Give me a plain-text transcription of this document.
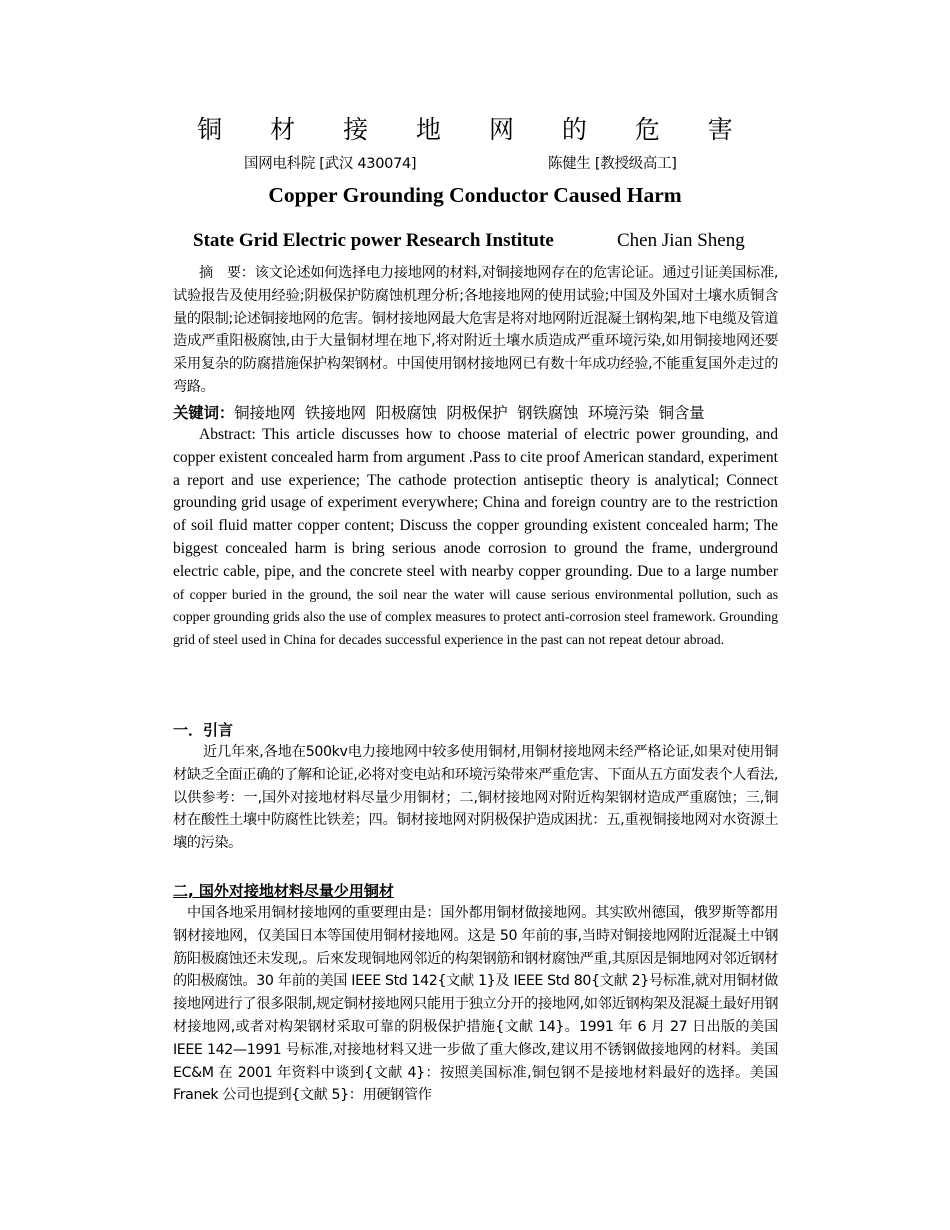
铜 材 接 地 网 的 危 害
国网电科院 [武汉 430074]	陈健生 [教授级高工]
Copper Grounding Conductor Caused Harm
State Grid Electric power Research Institute	Chen Jian Sheng
摘　要：该文论述如何选择电力接地网的材料,对铜接地网存在的危害论证。通过引证美国标准,试验报告及使用经验;阴极保护防腐蚀机理分析;各地接地网的使用试验;中国及外国对土壤水质铜含量的限制;论述铜接地网的危害。铜材接地网最大危害是将对地网附近混凝土钢构架,地下电缆及管道造成严重阳极腐蚀,由于大量铜材埋在地下,将对附近土壤水质造成严重环境污染,如用铜接地网还要采用复杂的防腐措施保护构架钢材。中国使用钢材接地网已有数十年成功经验,不能重复国外走过的弯路。
关键词：铜接地网  铁接地网  阳极腐蚀  阴极保护  钢铁腐蚀  环境污染  铜含量
Abstract: This article discusses how to choose material of electric power grounding, and copper existent concealed harm from argument .Pass to cite proof American standard, experiment a report and use experience; The cathode protection antiseptic theory is analytical; Connect grounding grid usage of experiment everywhere; China and foreign country are to the restriction of soil fluid matter copper content; Discuss the copper grounding existent concealed harm; The biggest concealed harm is bring serious anode corrosion to ground the frame, underground electric cable, pipe, and the concrete steel with nearby copper grounding. Due to a large number of copper buried in the ground, the soil near the water will cause serious environmental pollution, such as copper grounding grids also the use of complex measures to protect anti-corrosion steel framework. Grounding grid of steel used in China for decades successful experience in the past can not repeat detour abroad.
一．引言
近几年來,各地在500kv电力接地网中较多使用铜材,用铜材接地网未经严格论证,如果对使用铜材缺乏全面正确的了解和论证,必将对变电站和环境污染带來严重危害、下面从五方面发表个人看法,以供参考：一,国外对接地材料尽量少用铜材；二,铜材接地网对附近构架钢材造成严重腐蚀；三,铜材在酸性土壤中防腐性比铁差；四。铜材接地网对阴极保护造成困扰：五,重视铜接地网对水资源土壤的污染。
二, 国外对接地材料尽量少用铜材
中国各地采用铜材接地网的重要理由是：国外都用铜材做接地网。其实欧州德国，俄罗斯等都用钢材接地网，仅美国日本等国使用铜材接地网。这是 50 年前的事,当時对铜接地网附近混凝土中钢筋阳极腐蚀还未发现,。后來发现铜地网邻近的构架钢筋和钢材腐蚀严重,其原因是铜地网对邻近钢材的阳极腐蚀。30 年前的美国 IEEE Std 142{文献 1}及 IEEE Std 80{文献 2}号标准,就对用铜材做接地网进行了很多限制,规定铜材接地网只能用于独立分开的接地网,如邻近钢构架及混凝土最好用钢材接地网,或者对构架钢材采取可靠的阴极保护措施{文献 14}。1991 年 6 月 27 日出版的美国 IEEE 142—1991 号标准,对接地材料又进一步做了重大修改,建议用不锈钢做接地网的材料。美国 EC&M 在 2001 年资料中谈到{文献 4}：按照美国标准,铜包钢不是接地材料最好的选择。美国 Franek 公司也提到{文献 5}：用硬钢管作
